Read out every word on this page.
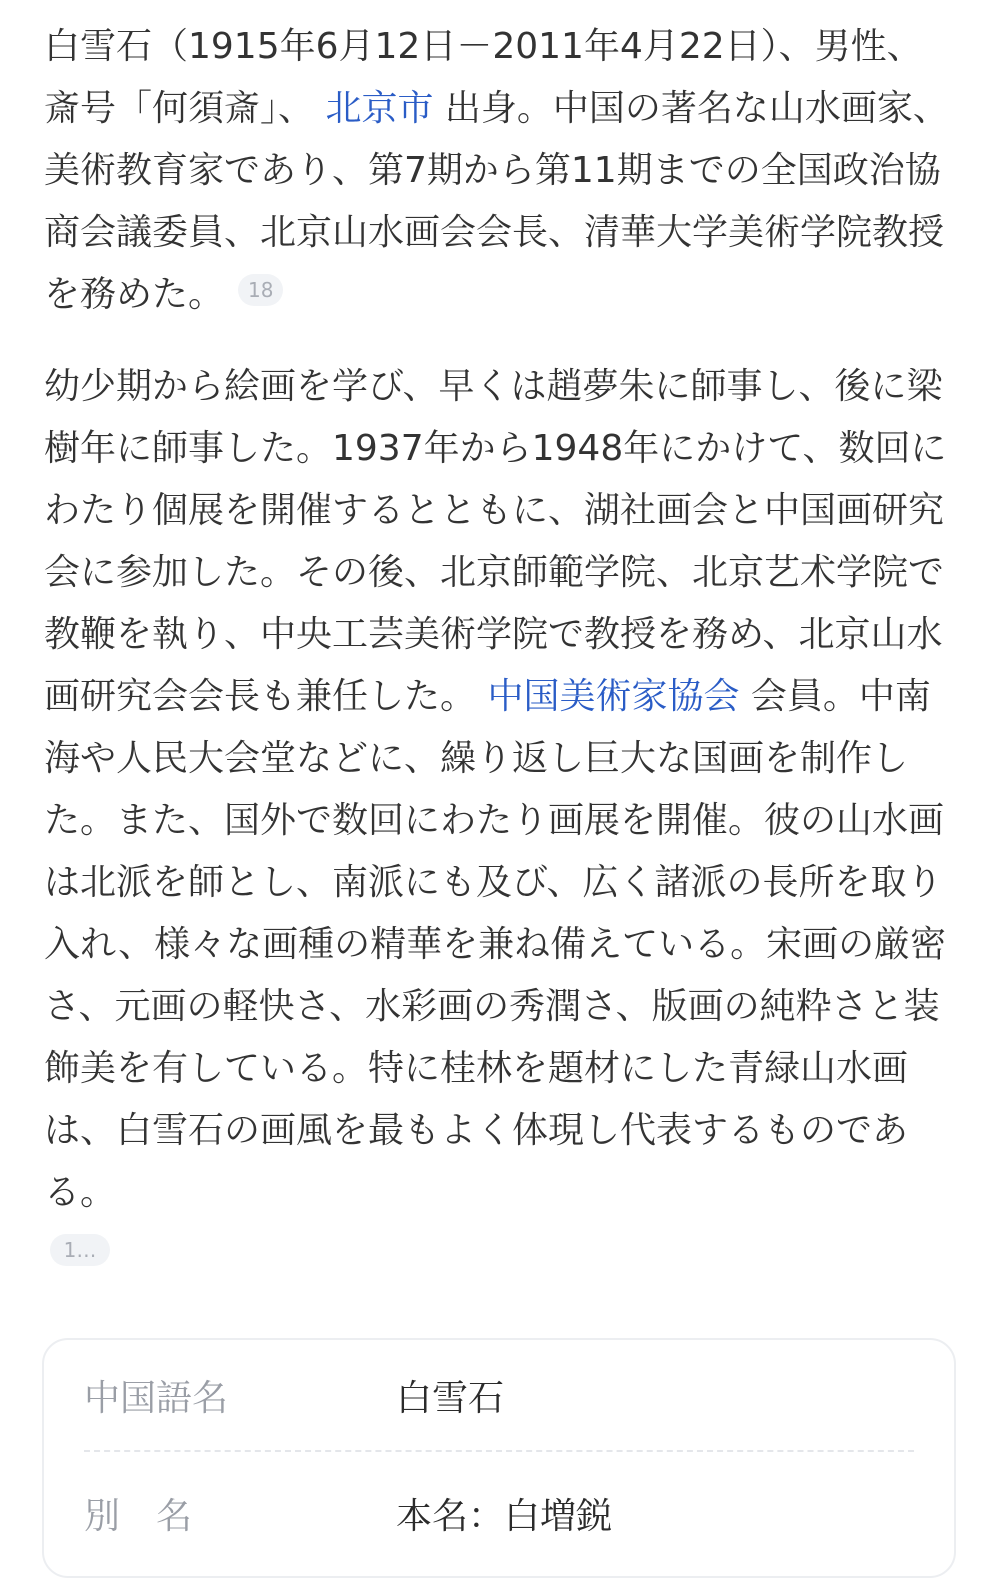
白雪石（1915年6月12日－2011年4月22日）、男性、斎号「何須斎」、 北京市 出身。中国の著名な山水画家、美術教育家であり、第7期から第11期までの全国政治協商会議委員、北京山水画会会長、清華大学美術学院教授を務めた。 18

幼少期から絵画を学び、早くは趙夢朱に師事し、後に梁樹年に師事した。1937年から1948年にかけて、数回にわたり個展を開催するとともに、湖社画会と中国画研究会に参加した。その後、北京師範学院、北京艺术学院で教鞭を執り、中央工芸美術学院で教授を務め、北京山水画研究会会長も兼任した。 中国美術家協会 会員。中南海や人民大会堂などに、繰り返し巨大な国画を制作した。また、国外で数回にわたり画展を開催。彼の山水画は北派を師とし、南派にも及び、広く諸派の長所を取り入れ、様々な画種の精華を兼ね備えている。宋画の厳密さ、元画の軽快さ、水彩画の秀潤さ、版画の純粋さと装飾美を有している。特に桂林を題材にした青緑山水画は、白雪石の画風を最もよく体現し代表するものである。

1…
中国語名	白雪石
別　名	本名：白増鋭
